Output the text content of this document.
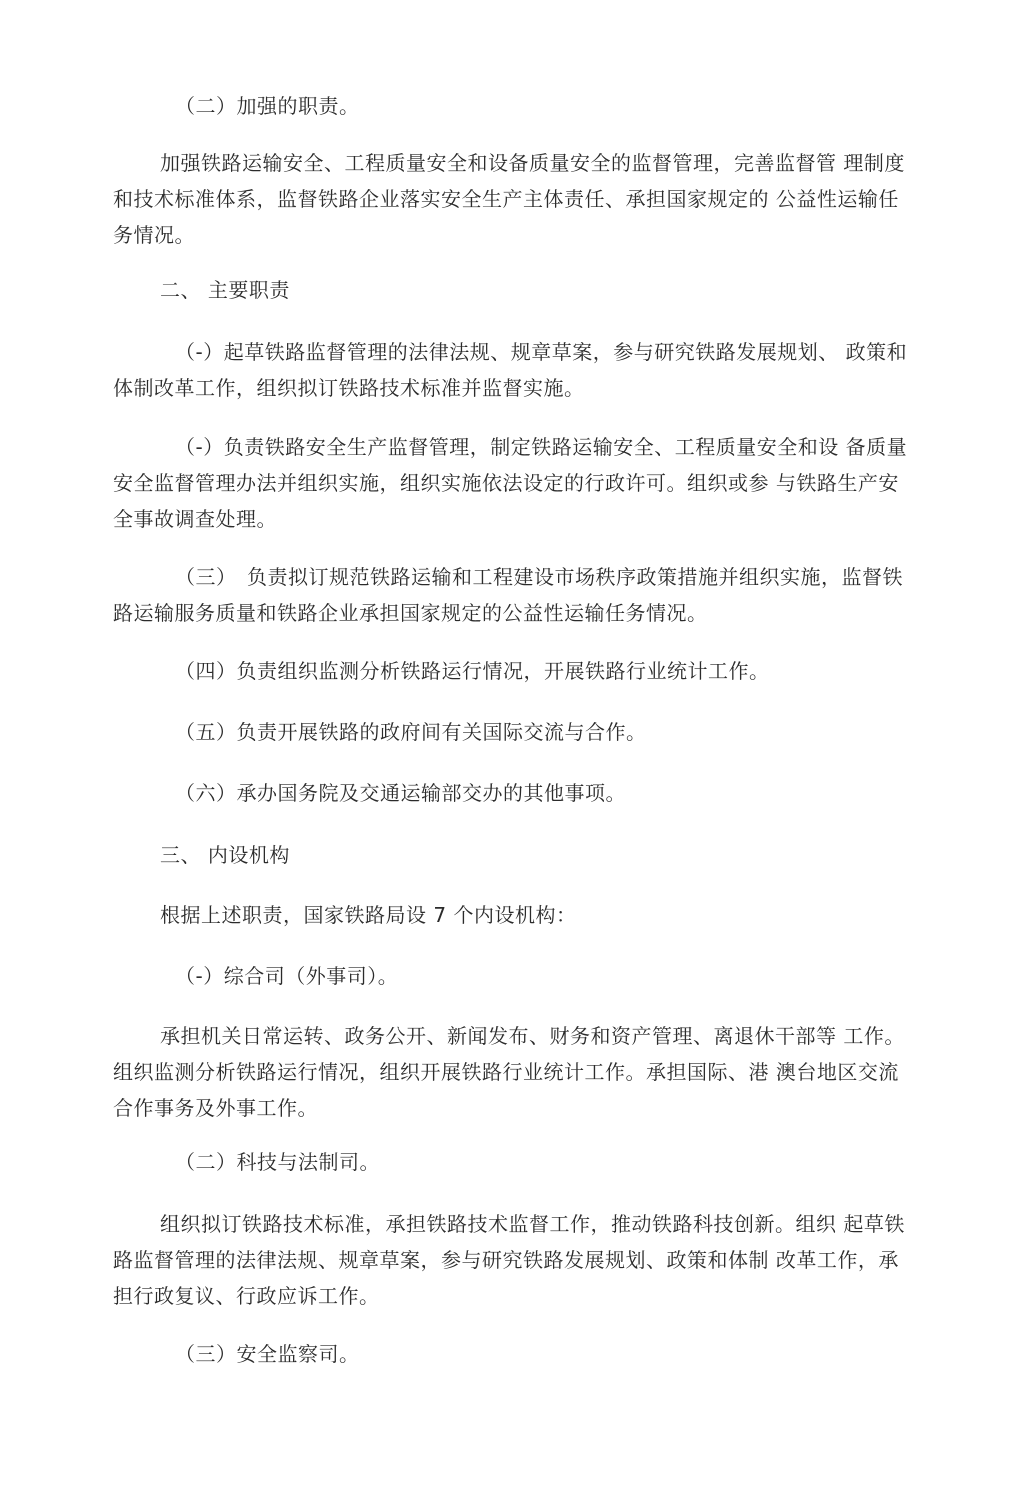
（二）加强的职责。

加强铁路运输安全、工程质量安全和设备质量安全的监督管理，完善监督管 理制度和技术标准体系，监督铁路企业落实安全生产主体责任、承担国家规定的 公益性运输任务情况。

二、 主要职责

（-）起草铁路监督管理的法律法规、规章草案，参与研究铁路发展规划、 政策和体制改革工作，组织拟订铁路技术标准并监督实施。

（-）负责铁路安全生产监督管理，制定铁路运输安全、工程质量安全和设 备质量安全监督管理办法并组织实施，组织实施依法设定的行政许可。组织或参 与铁路生产安全事故调查处理。

（三）　负责拟订规范铁路运输和工程建设市场秩序政策措施并组织实施，监督铁路运输服务质量和铁路企业承担国家规定的公益性运输任务情况。

（四）负责组织监测分析铁路运行情况，开展铁路行业统计工作。

（五）负责开展铁路的政府间有关国际交流与合作。

（六）承办国务院及交通运输部交办的其他事项。

三、 内设机构

根据上述职责，国家铁路局设 7 个内设机构：

（-）综合司（外事司）。

承担机关日常运转、政务公开、新闻发布、财务和资产管理、离退休干部等 工作。组织监测分析铁路运行情况，组织开展铁路行业统计工作。承担国际、港 澳台地区交流合作事务及外事工作。

（二）科技与法制司。

组织拟订铁路技术标准，承担铁路技术监督工作，推动铁路科技创新。组织 起草铁路监督管理的法律法规、规章草案，参与研究铁路发展规划、政策和体制 改革工作，承担行政复议、行政应诉工作。

（三）安全监察司。
